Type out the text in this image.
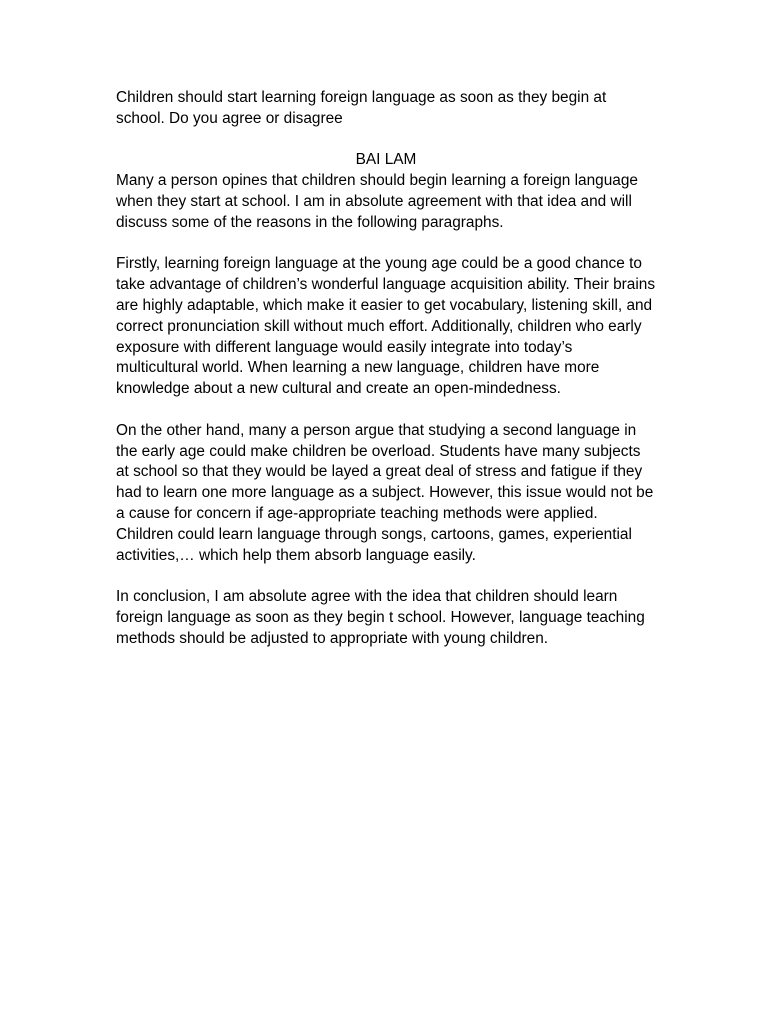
Children should start learning foreign language as soon as they begin at school. Do you agree or disagree

BAI LAM

Many a person opines that children should begin learning a foreign language when they start at school. I am in absolute agreement with that idea and will discuss some of the reasons in the following paragraphs.

Firstly, learning foreign language at the young age could be a good chance to take advantage of children’s wonderful language acquisition ability. Their brains are highly adaptable, which make it easier to get vocabulary, listening skill, and correct pronunciation skill without much effort. Additionally, children who early exposure with different language would easily integrate into today’s multicultural world. When learning a new language, children have more knowledge about a new cultural and create an open-mindedness.

On the other hand, many a person argue that studying a second language in the early age could make children be overload. Students have many subjects at school so that they would be layed a great deal of stress and fatigue if they had to learn one more language as a subject. However, this issue would not be a cause for concern if age-appropriate teaching methods were applied. Children could learn language through songs, cartoons, games, experiential activities,… which help them absorb language easily.

In conclusion, I am absolute agree with the idea that children should learn foreign language as soon as they begin t school. However, language teaching methods should be adjusted to appropriate with young children.
